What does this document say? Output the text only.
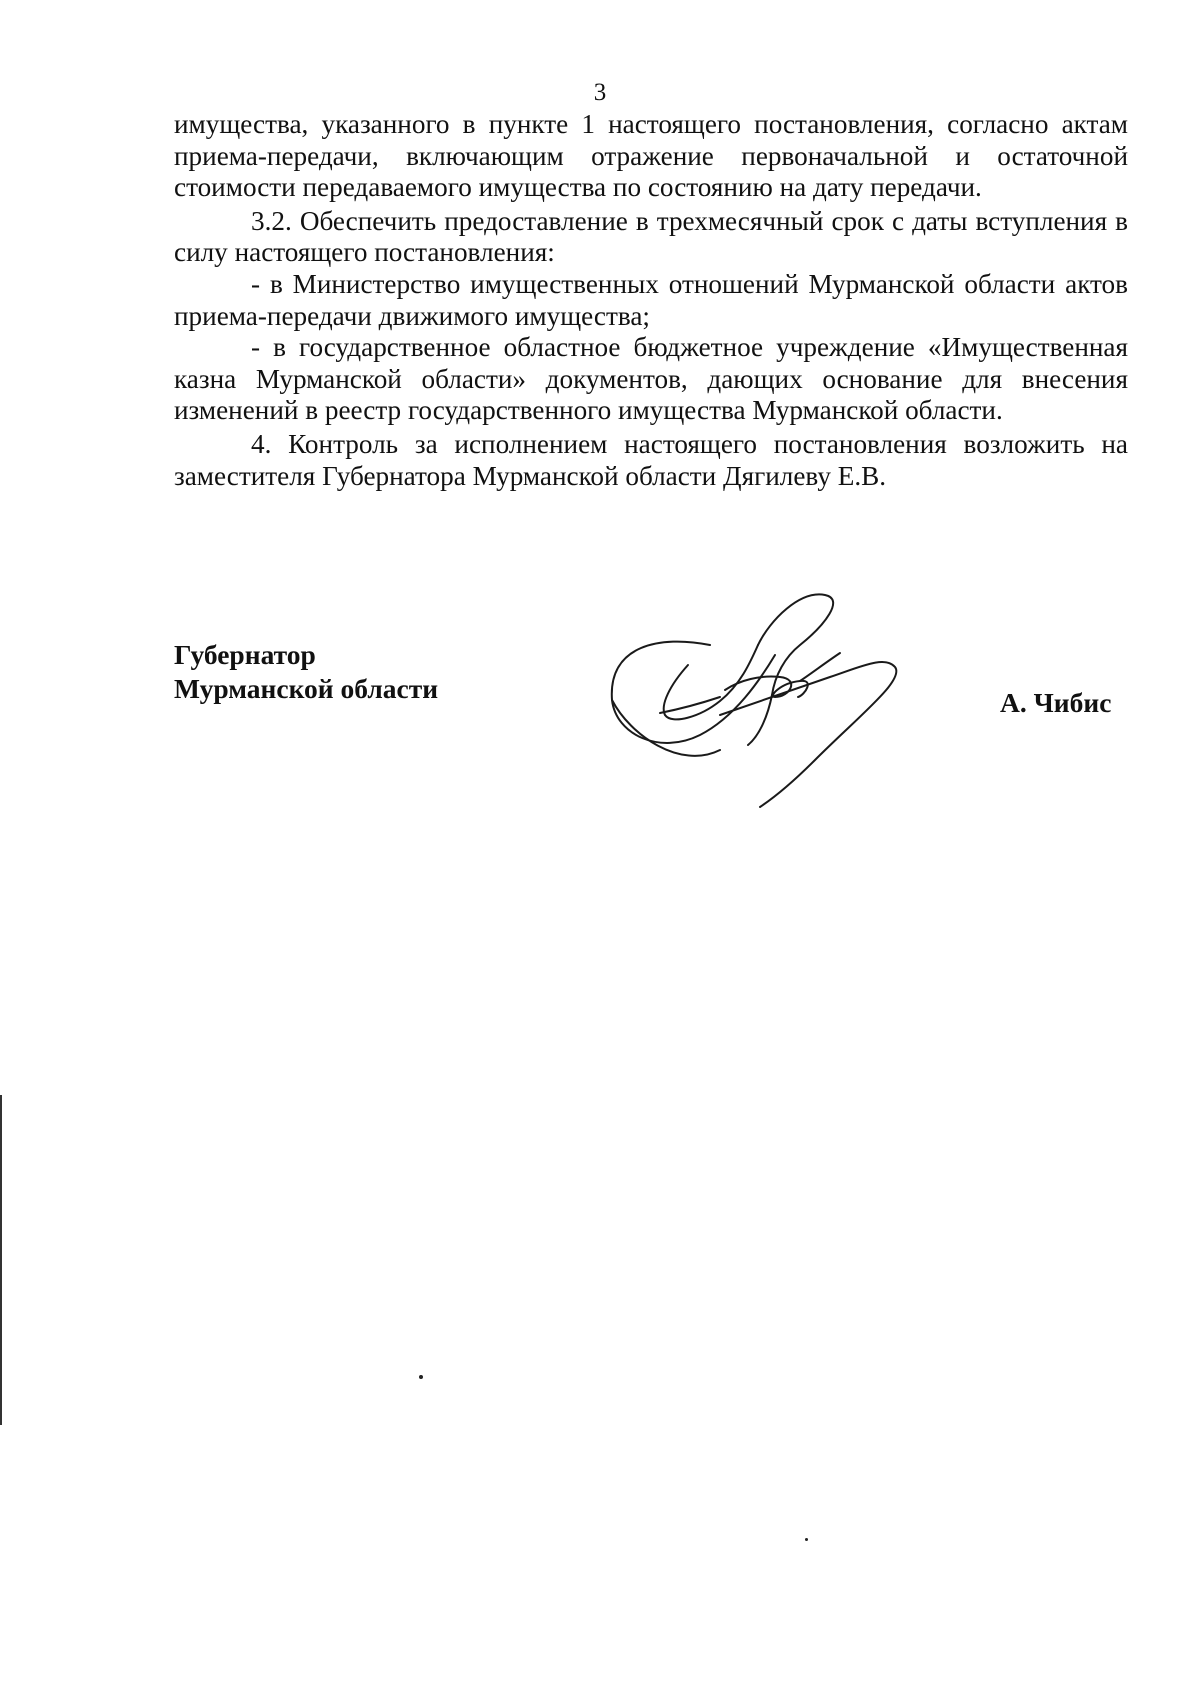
3

имущества, указанного в пункте 1 настоящего постановления, согласно актам приема-передачи, включающим отражение первоначальной и остаточной стоимости передаваемого имущества по состоянию на дату передачи.

3.2. Обеспечить предоставление в трехмесячный срок с даты вступления в силу настоящего постановления:

- в Министерство имущественных отношений Мурманской области актов приема-передачи движимого имущества;

- в государственное областное бюджетное учреждение «Имущественная казна Мурманской области» документов, дающих основание для внесения изменений в реестр государственного имущества Мурманской области.

4. Контроль за исполнением настоящего постановления возложить на заместителя Губернатора Мурманской области Дягилеву Е.В.

Губернатор
Мурманской области	А. Чибис
